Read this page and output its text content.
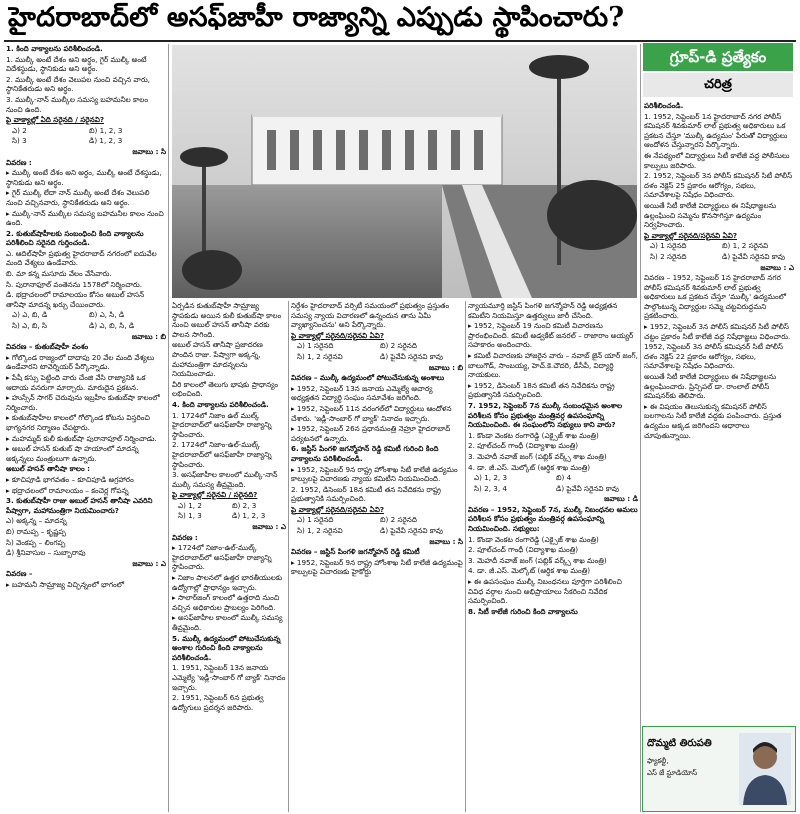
హైదరాబాద్‌లో అసఫ్‌జాహీ రాజ్యాన్ని ఎప్పుడు స్థాపించారు?

1. కింది వాక్యాలను పరిశీలించండి.

1. ముల్కీ అంటే దేశం అని అర్థం, గైర్ ముల్కీ అంటే విదేశస్థుడు, స్థానికుడు అని అర్థం.

2. ముల్కీ అంటే దేశం వెలుపల నుంచి వచ్చిన వారు, స్థానికేతరుడు అని అర్థం.

3. ముల్కీ-నాన్ ముల్కీల సమస్య బహమనీల కాలం నుంచి ఉంది.

పై వాక్యాల్లో ఏది సరైనది / సరైనవి?

ఎ) 2	బి) 1, 2, 3
సి) 3	డి) 1, 2, 3

జవాబు : సి

వివరణ :

▸ ముల్కీ అంటే దేశం అని అర్థం, ముల్కీ అంటే దేశస్థుడు, స్థానికుడు అని అర్థం.

▸ గైర్ ముల్కీ లేదా నాన్ ముల్కీ అంటే దేశం వెలుపలి నుంచి వచ్చినవారు, స్థానికేతరుడు అని అర్థం.

▸ ముల్కీ-నాన్ ముల్కీల సమస్య బహమనీల కాలం నుంచి ఉంది.

2. కుతుబ్‌షాహీలకు సంబంధించి కింది వాక్యాలను పరిశీలించి సరైనది గుర్తించండి.

ఎ. ఆదిల్‌షాహీ ప్రభుత్వ హైదరాబాద్ నగరంలో ఐదువేల మంది వేశ్యలు ఉండేవారు.

బి. మా కన్న మసూదు వేలం వేసేవారు.

సి. పురానాఫూల్ వంతెనను 1578లో నిర్మించారు.

డి. భద్రాచలంలో రామాలయం కోసం అబుల్ హసన్ తానీషా మాదన్న ఖర్చు చేయించారు.

ఎ) ఎ, బి, డి	బి) ఎ, సి, డి
సి) ఎ, బి, సి	డి) ఎ, బి, సి, డి

జవాబు : బి

వివరణ – కుతుబ్‌షాహీ వంశం

▸ గోల్కొండ రాజ్యంలో దాదాపు 20 వేల మంది వేశ్యలు ఉండేవారని టావెర్నియర్ పేర్కొన్నాడు.

▸ పేషీ కస్సు పెట్టింది వారు చేంజి వేసి రాజ్యానికి ఒక ఆదాయ వనరుగా మార్చారు. మారుదైన ప్రకటన.

▸ హుస్సేన్ సాగర్ చెరువును ఇబ్రహీం కుతుబ్‌షా కాలంలో నిర్మించారు.

▸ కుతుబ్‌షాహీల కాలంలో గోల్కొండ కోటను విస్తరించి భాగ్యనగర నిర్మాణం చేపట్టారు.

▸ మహమ్మద్ కులీ కుతుబ్‌షా పురానాపూల్ నిర్మించాడు.

▸ అబుల్ హసన్ కుతుబ్ షా హయాంలో మాదన్న అక్కన్నలు మంత్రులుగా ఉన్నారు.

అబుల్ హసన్ తానీషా కాలం :

▸ కూచిపూడి భాగవతం – కూచిపూడి అగ్రహారం

▸ భద్రాచలంలో రామాలయం – కంచెర్ల గోపన్న

3. కుతుబ్‌షాహీ రాజు అబుల్ హసన్ తానీషా ఎవరిని పేష్వాగా, మహామంత్రిగా నియమించారు?

ఎ) అక్కన్న – మాదన్న

బి) రామప్ప – కృష్ణప్ప

సి) వెంకప్ప – లింగప్ప

డి) శ్రీనివాసుల – సుబ్బారావు

జవాబు : ఎ

వివరణ –

▸ బహమనీ సామ్రాజ్య విచ్ఛిన్నంలో భాగంలో

ఏర్పడిన కుతుబ్‌షాహీ సామ్రాజ్య స్థాపకుడు అయిన కులీ కుతుబ్‌షా కాలం నుంచి అబుల్ హసన్ తానీషా వరకు పాలన సాగింది.

అబుల్ హసన్ తానీషా ప్రజాదరణ పొందిన రాజు. పేష్వాగా అక్కన్న, మహామంత్రిగా మాదన్నలను నియమించాడు.

వీరి కాలంలో తెలుగు భాషకు ప్రాధాన్యం లభించింది.

4. కింది వాక్యాలను పరిశీలించండి.

1. 1724లో నిజాం ఉల్ ముల్క్ హైదరాబాద్‌లో అసఫ్‌జాహీ రాజ్యాన్ని స్థాపించారు.

2. 1724లో నిజాం-ఉల్-ముల్క్ హైదరాబాద్‌లో అసఫ్‌జాహీ రాజ్యాన్ని స్థాపించారు.

3. అసఫ్‌జాహీల కాలంలో ముల్కీ-నాన్ ముల్కీ సమస్య తీవ్రమైంది.

పై వాక్యాల్లో సరైనవి / సరైనది?

ఎ) 1, 2	బి) 2, 3
సి) 1, 3	డి) 1, 2, 3

జవాబు : ఎ

వివరణ :

▸ 1724లో నిజాం-ఉల్-ముల్క్ హైదరాబాద్‌లో అసఫ్‌జాహీ రాజ్యాన్ని స్థాపించారు.

▸ నిజాం పాలనలో ఉత్తర భారతీయులకు ఉద్యోగాల్లో ప్రాధాన్యం ఇచ్చారు.

▸ సాలార్‌జంగ్ కాలంలో ఉత్తరాది నుంచి వచ్చిన అధికారుల ప్రాబల్యం పెరిగింది.

▸ అసఫ్‌జాహీల కాలంలో ముల్కీ సమస్య తీవ్రమైంది.

5. ముల్కీ ఉద్యమంలో పోటుచేసుకున్న అంశాల గురించి కింది వాక్యాలను పరిశీలించండి.

1. 1951, సెప్టెంబర్ 13న జనాయ ఎమ్మెల్యే 'ఇడ్లీ-సాంబార్ గో బ్యాక్' నినాదం ఇచ్చారు.

2. 1951, సెప్టెంబర్ 6న ప్రభుత్వ ఉద్యోగులు ప్రదర్శన జరిపారు.

నిర్దేశం హైదరాబాద్ వర్సిటీ సమయంలో ప్రభుత్వం ప్రస్తుతం సమస్య న్యాయ విచారణలో ఉన్నందున తాను ఏమీ వ్యాఖ్యానించను' అని పేర్కొన్నారు.

పై వాక్యాల్లో సరైనది/సరైనవి ఏవి?

ఎ) 1 సరైనది	బి) 2 సరైనది
సి) 1, 2 సరైనవి	డి) పైవేవీ సరైనవి కావు

జవాబు : బి

వివరణ – ముల్కీ ఉద్యమంలో పోటుచేసుకున్న అంశాలు

▸ 1952, సెప్టెంబర్ 13న జనాయ ఎమ్మెల్యే ఆచార్య అధ్యక్షతన విద్యార్థి సంఘం సమావేశం జరిగింది.

▸ 1952, సెప్టెంబర్ 11న వరంగల్‌లో విద్యార్థులు ఆందోళన చేశారు. 'ఇడ్లీ-సాంబార్ గో బ్యాక్' నినాదం ఇచ్చారు.

▸ 1952, సెప్టెంబర్ 26న ప్రధానమంత్రి నెహ్రూ హైదరాబాద్ పర్యటనలో ఉన్నారు.

6. జస్టిస్ పింగళి జగన్మోహన్ రెడ్డి కమిటీ గురించి కింది వాక్యాలను పరిశీలించండి.

▸ 1952, సెప్టెంబర్ 9న రాష్ట్ర హోంశాఖ సిటీ కాలేజీ ఉద్యమం కాల్పులపై విచారణకు న్యాయ కమిటీని నియమించింది.

2. 1952, డిసెంబర్ 18న కమిటీ తన నివేదికను రాష్ట్ర ప్రభుత్వానికి సమర్పించింది.

పై వాక్యాల్లో సరైనది/సరైనవి ఏవి?

ఎ) 1 సరైనది	బి) 2 సరైనది
సి) 1, 2 సరైనవి	డి) పైవేవీ సరైనవి కావు

జవాబు : సి

వివరణ – జస్టిస్ పింగళి జగన్మోహన్ రెడ్డి కమిటీ

▸ 1952, సెప్టెంబర్ 9న రాష్ట్ర హోంశాఖ సిటీ కాలేజీ ఉద్యమంపై కాల్పులపై విచారణకు హైకోర్టు

న్యాయమూర్తి జస్టిస్ పింగళి జగన్మోహన్ రెడ్డి అధ్యక్షతన కమిటీని నియమిస్తూ ఉత్తర్వులు జారీ చేసింది.

▸ 1952, సెప్టెంబర్ 19 నుంచి కమిటీ విచారణను ప్రారంభించింది. కమిటీ అడ్వకేట్ జనరల్ – రాజారాం అయ్యర్ సహకారం అందించారు.

▸ కమిటీ విచారణకు హాజరైన వారు – నవాబ్ జైన్ యార్ జంగ్, బాలుగౌడ్, సాంబయ్య, హెచ్.కె.చౌదరి, డీసీపీ, విద్యార్థి నాయకులు.

▸ 1952, డిసెంబర్ 18న కమిటీ తన నివేదికను రాష్ట్ర ప్రభుత్వానికి సమర్పించింది.

7. 1952, సెప్టెంబర్ 7న ముల్కీ సంబంధమైన అంశాల పరిశీలన కోసం ప్రభుత్వం మంత్రివర్గ ఉపసంఘాన్ని నియమించింది. ఈ సంఘంలోని సభ్యులు కాని వారు?

1. కొండా వెంకట రంగారెడ్డి (ఎక్సైజ్ శాఖ మంత్రి)

2. పూల్‌చంద్ గాంధీ (విద్యాశాఖ మంత్రి)

3. మెహదీ నవాజ్ జంగ్ (పబ్లిక్ వర్క్స్ శాఖ మంత్రి)

4. డా. జీ.ఎస్. మెల్కోట్ (ఆర్థిక శాఖ మంత్రి)

ఎ) 1, 2, 3	బి) 4
సి) 2, 3, 4	డి) పైవేవీ సరైనవి కావు

జవాబు : డి

వివరణ – 1952, సెప్టెంబర్ 7న, ముల్కీ నిబంధనల అమలు పరిశీలన కోసం ప్రభుత్వం మంత్రివర్గ ఉపసంఘాన్ని నియమించింది. సభ్యులు:

1. కొండా వెంకట రంగారెడ్డి (ఎక్సైజ్ శాఖ మంత్రి)

2. పూల్‌చంద్ గాంధీ (విద్యాశాఖ మంత్రి)

3. మెహదీ నవాజ్ జంగ్ (పబ్లిక్ వర్క్స్ శాఖ మంత్రి)

4. డా. జీ.ఎస్. మెల్కోట్ (ఆర్థిక శాఖ మంత్రి)

▸ ఈ ఉపసంఘం ముల్కీ నిబంధనలు పూర్తిగా పరిశీలించి వివిధ వర్గాల నుంచి అభిప్రాయాలు సేకరించి నివేదిక సమర్పించింది.

8. సిటీ కాలేజీ గురించి కింది వాక్యాలను

గ్రూప్‌-డి ప్రత్యేకం
చరిత్ర

పరిశీలించండి.

1. 1952, సెప్టెంబర్ 1న హైదరాబాద్ నగర పోలీస్ కమిషనర్ శివకుమార్ లాల్ ప్రభుత్వ అధికారులు ఒక ప్రకటన చేస్తూ 'ముల్కీ ఉద్యమం' పేరుతో విద్యార్థులు ఆందోళన చేస్తున్నారని పేర్కొన్నారు.

ఈ నేపథ్యంలో విద్యార్థులు సిటీ కాలేజీ వద్ద పోలీసులు కాల్పులు జరిపారు.

2. 1952, సెప్టెంబర్ 3న పోలీస్ కమిషనర్ సిటీ పోలీస్ దళం నెక్లెస్ 25 ప్రకారం ఆరోగ్యం, సభలు, సమావేశాలపై నిషేధం విధించారు.

అయితే సిటీ కాలేజీ విద్యార్థులు ఈ నిషేధాజ్ఞలను ఉల్లంఘించి సమ్మెను కొనసాగిస్తూ ఉద్యమం నిర్వహించారు.

పై వాక్యాల్లో సరైనది/సరైనవి ఏవి?

ఎ) 1 సరైనది	బి) 1, 2 సరైనవి
సి) 2 సరైనది	డి) పైవేవీ సరైనవి కావు

జవాబు : ఎ

వివరణ – 1952, సెప్టెంబర్ 1న హైదరాబాద్ నగర పోలీస్ కమిషనర్ శివకుమార్ లాల్ ప్రభుత్వ అధికారులు ఒక ప్రకటన చేస్తూ 'ముల్కీ' ఉద్యమంలో పాల్గొంటున్న విద్యార్థుల సమ్మె చట్టవిరుద్ధమని ప్రకటించారు.

▸ 1952, సెప్టెంబర్ 3న పోలీస్ కమిషనర్ సిటీ పోలీస్ చట్టం ప్రకారం సిటీ కాలేజీ వద్ద నిషేధాజ్ఞలు విధించారు.

1952, సెప్టెంబర్ 3న పోలీస్ కమిషనర్ సిటీ పోలీస్ దళం నెక్లెస్ 22 ప్రకారం ఆరోగ్యం, సభలు, సమావేశాలపై నిషేధం విధించారు.

అయితే సిటీ కాలేజీ విద్యార్థులు ఈ నిషేధాజ్ఞలను ఉల్లంఘించారు. ప్రిన్సిపల్ డా. రాంలాల్ పోలీస్ కమిషనర్‌కు తెలిపారు.

▸ ఈ విషయం తెలుసుకున్న కమిషనర్ పోలీస్ బలగాలను సిటీ కాలేజీ వద్దకు పంపించారు. ప్రస్తుత ఉద్యమం అక్కడ జరిగిందని ఆధారాలు చూపుతున్నాయి.

దొమ్మటి తిరుపతి
ఫ్యాకల్టీ,
ఎస్ జే స్టూడియోస్
